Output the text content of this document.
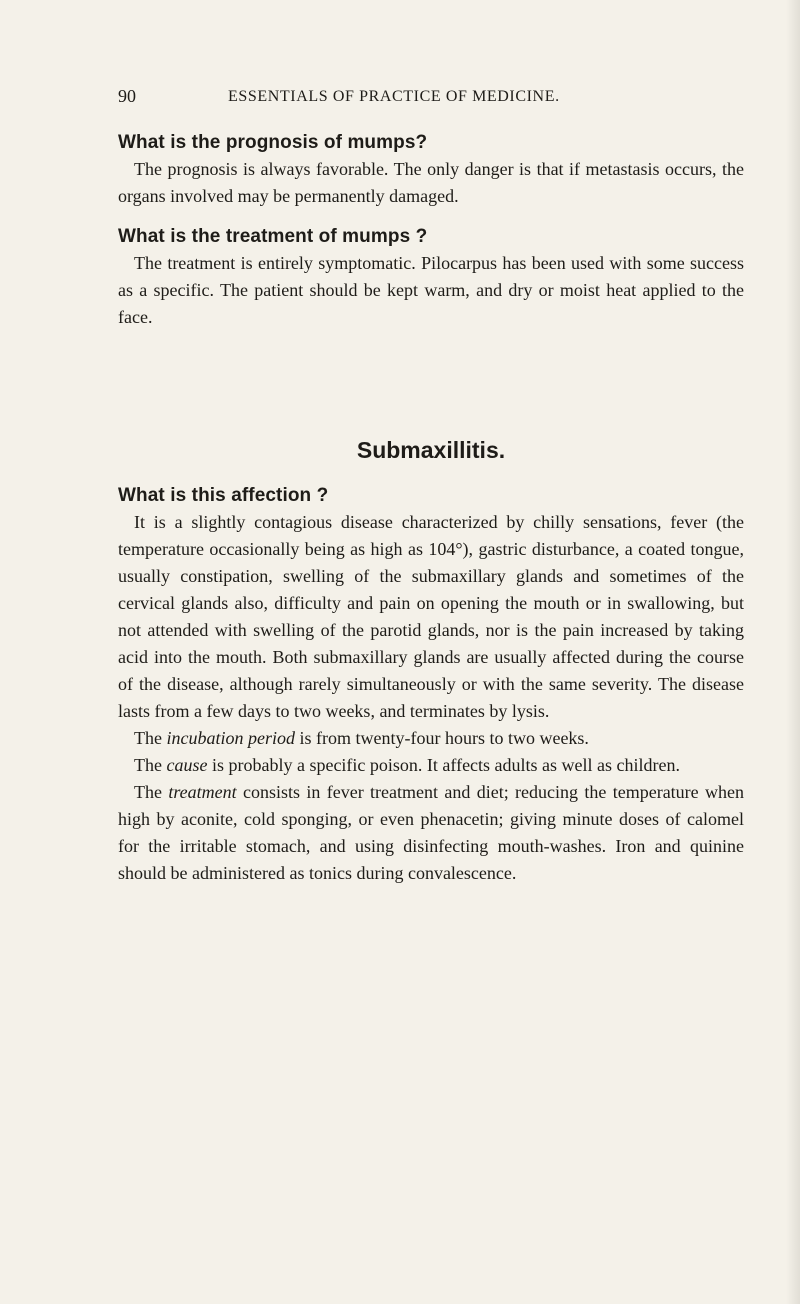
90	ESSENTIALS OF PRACTICE OF MEDICINE.
What is the prognosis of mumps?

The prognosis is always favorable. The only danger is that if metastasis occurs, the organs involved may be permanently damaged.

What is the treatment of mumps ?

The treatment is entirely symptomatic. Pilocarpus has been used with some success as a specific. The patient should be kept warm, and dry or moist heat applied to the face.

Submaxillitis.
What is this affection ?

It is a slightly contagious disease characterized by chilly sensations, fever (the temperature occasionally being as high as 104°), gastric disturbance, a coated tongue, usually constipation, swelling of the submaxillary glands and sometimes of the cervical glands also, difficulty and pain on opening the mouth or in swallowing, but not attended with swelling of the parotid glands, nor is the pain increased by taking acid into the mouth. Both submaxillary glands are usually affected during the course of the disease, although rarely simultaneously or with the same severity. The disease lasts from a few days to two weeks, and terminates by lysis.

The incubation period is from twenty-four hours to two weeks.

The cause is probably a specific poison. It affects adults as well as children.

The treatment consists in fever treatment and diet; reducing the temperature when high by aconite, cold sponging, or even phenacetin; giving minute doses of calomel for the irritable stomach, and using disinfecting mouth-washes. Iron and quinine should be administered as tonics during convalescence.
